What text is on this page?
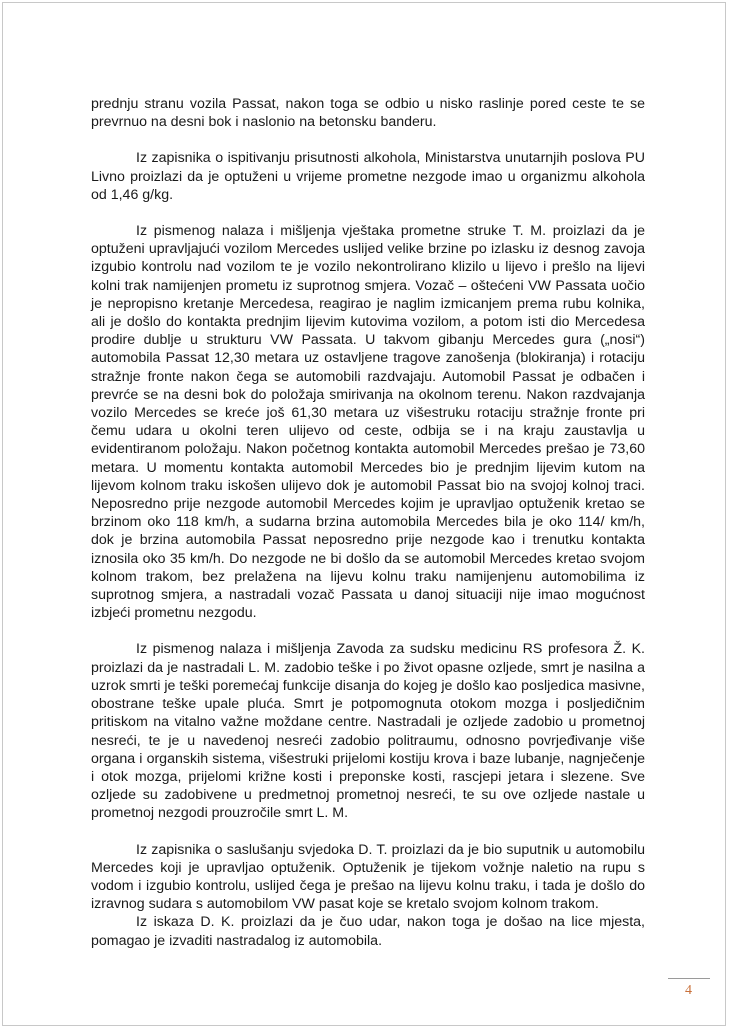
prednju stranu vozila Passat, nakon toga se odbio u nisko raslinje pored ceste te se prevrnuo na desni bok i naslonio na betonsku banderu.

Iz zapisnika o ispitivanju prisutnosti alkohola, Ministarstva unutarnjih poslova PU Livno proizlazi da je optuženi u vrijeme prometne nezgode imao u organizmu alkohola od 1,46 g/kg.

Iz pismenog nalaza i mišljenja vještaka prometne struke T. M. proizlazi da je optuženi upravljajući vozilom Mercedes uslijed velike brzine po izlasku iz desnog zavoja izgubio kontrolu nad vozilom te je vozilo nekontrolirano klizilo u lijevo i prešlo na lijevi kolni trak namijenjen prometu iz suprotnog smjera. Vozač – oštećeni VW Passata uočio je nepropisno kretanje Mercedesa, reagirao je naglim izmicanjem prema rubu kolnika, ali je došlo do kontakta prednjim lijevim kutovima vozilom, a potom isti dio Mercedesa prodire dublje u strukturu VW Passata. U takvom gibanju Mercedes gura („nosi“) automobila Passat 12,30 metara uz ostavljene tragove zanošenja (blokiranja) i rotaciju stražnje fronte nakon čega se automobili razdvajaju. Automobil Passat je odbačen i prevrće se na desni bok do položaja smirivanja na okolnom terenu. Nakon razdvajanja vozilo Mercedes se kreće još 61,30 metara uz višestruku rotaciju stražnje fronte pri čemu udara u okolni teren ulijevo od ceste, odbija se i na kraju zaustavlja u evidentiranom položaju. Nakon početnog kontakta automobil Mercedes prešao je 73,60 metara. U momentu kontakta automobil Mercedes bio je prednjim lijevim kutom na lijevom kolnom traku iskošen ulijevo dok je automobil Passat bio na svojoj kolnoj traci. Neposredno prije nezgode automobil Mercedes kojim je upravljao optuženik kretao se brzinom oko 118 km/h, a sudarna brzina automobila Mercedes bila je oko 114/ km/h, dok je brzina automobila Passat neposredno prije nezgode kao i trenutku kontakta iznosila oko 35 km/h. Do nezgode ne bi došlo da se automobil Mercedes kretao svojom kolnom trakom, bez prelažena na lijevu kolnu traku namijenjenu automobilima iz suprotnog smjera, a nastradali vozač Passata u danoj situaciji nije imao mogućnost izbjeći prometnu nezgodu.

Iz pismenog nalaza i mišljenja Zavoda za sudsku medicinu RS profesora Ž. K. proizlazi da je nastradali L. M. zadobio teške i po život opasne ozljede, smrt je nasilna a uzrok smrti je teški poremećaj funkcije disanja do kojeg je došlo kao posljedica masivne, obostrane teške upale pluća. Smrt je potpomognuta otokom mozga i posljedičnim pritiskom na vitalno važne moždane centre. Nastradali je ozljede zadobio u prometnoj nesreći, te je u navedenoj nesreći zadobio politraumu, odnosno povrjeđivanje više organa i organskih sistema, višestruki prijelomi kostiju krova i baze lubanje, nagnječenje i otok mozga, prijelomi križne kosti i preponske kosti, rascjepi jetara i slezene. Sve ozljede su zadobivene u predmetnoj prometnoj nesreći, te su ove ozljede nastale u prometnoj nezgodi prouzročile smrt L. M.

Iz zapisnika o saslušanju svjedoka D. T. proizlazi da je bio suputnik u automobilu Mercedes koji je upravljao optuženik. Optuženik je tijekom vožnje naletio na rupu s vodom i izgubio kontrolu, uslijed čega je prešao na lijevu kolnu traku, i tada je došlo do izravnog sudara s automobilom VW pasat koje se kretalo svojom kolnom trakom.

Iz iskaza D. K. proizlazi da je čuo udar, nakon toga je došao na lice mjesta, pomagao je izvaditi nastradalog iz automobila.

4
